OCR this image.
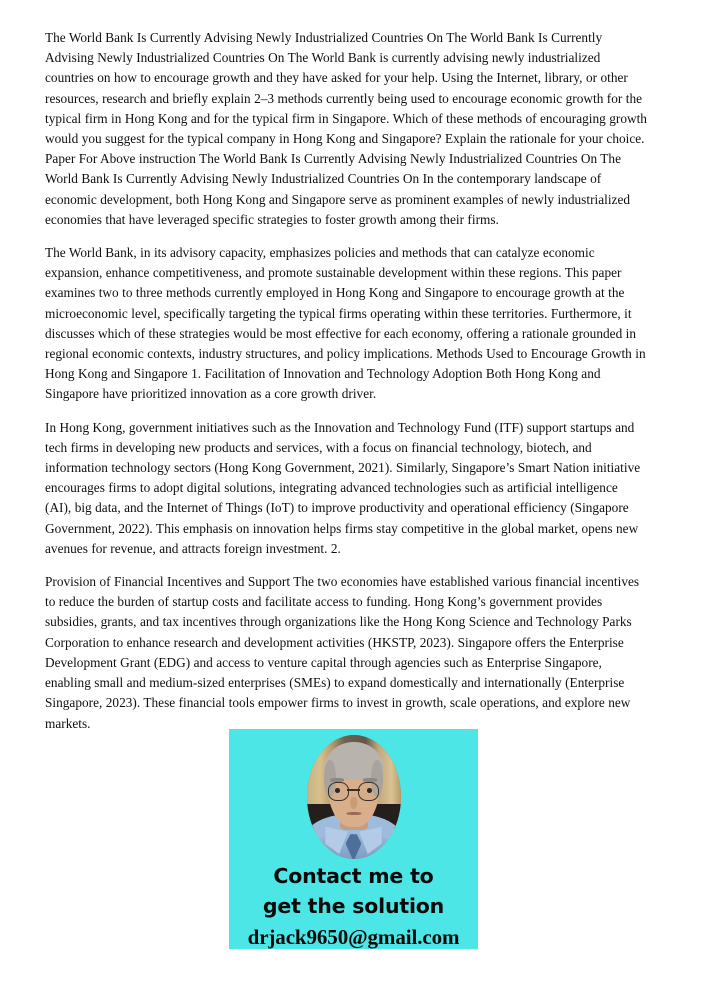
The World Bank Is Currently Advising Newly Industrialized Countries On The World Bank Is Currently Advising Newly Industrialized Countries On The World Bank is currently advising newly industrialized countries on how to encourage growth and they have asked for your help. Using the Internet, library, or other resources, research and briefly explain 2–3 methods currently being used to encourage economic growth for the typical firm in Hong Kong and for the typical firm in Singapore. Which of these methods of encouraging growth would you suggest for the typical company in Hong Kong and Singapore? Explain the rationale for your choice. Paper For Above instruction The World Bank Is Currently Advising Newly Industrialized Countries On The World Bank Is Currently Advising Newly Industrialized Countries On In the contemporary landscape of economic development, both Hong Kong and Singapore serve as prominent examples of newly industrialized economies that have leveraged specific strategies to foster growth among their firms.

The World Bank, in its advisory capacity, emphasizes policies and methods that can catalyze economic expansion, enhance competitiveness, and promote sustainable development within these regions. This paper examines two to three methods currently employed in Hong Kong and Singapore to encourage growth at the microeconomic level, specifically targeting the typical firms operating within these territories. Furthermore, it discusses which of these strategies would be most effective for each economy, offering a rationale grounded in regional economic contexts, industry structures, and policy implications. Methods Used to Encourage Growth in Hong Kong and Singapore 1. Facilitation of Innovation and Technology Adoption Both Hong Kong and Singapore have prioritized innovation as a core growth driver.

In Hong Kong, government initiatives such as the Innovation and Technology Fund (ITF) support startups and tech firms in developing new products and services, with a focus on financial technology, biotech, and information technology sectors (Hong Kong Government, 2021). Similarly, Singapore’s Smart Nation initiative encourages firms to adopt digital solutions, integrating advanced technologies such as artificial intelligence (AI), big data, and the Internet of Things (IoT) to improve productivity and operational efficiency (Singapore Government, 2022). This emphasis on innovation helps firms stay competitive in the global market, opens new avenues for revenue, and attracts foreign investment. 2.

Provision of Financial Incentives and Support The two economies have established various financial incentives to reduce the burden of startup costs and facilitate access to funding. Hong Kong’s government provides subsidies, grants, and tax incentives through organizations like the Hong Kong Science and Technology Parks Corporation to enhance research and development activities (HKSTP, 2023). Singapore offers the Enterprise Development Grant (EDG) and access to venture capital through agencies such as Enterprise Singapore, enabling small and medium-sized enterprises (SMEs) to expand domestically and internationally (Enterprise Singapore, 2023). These financial tools empower firms to invest in growth, scale operations, and explore new markets.

Contact me to
get the solution
drjack9650@gmail.com
